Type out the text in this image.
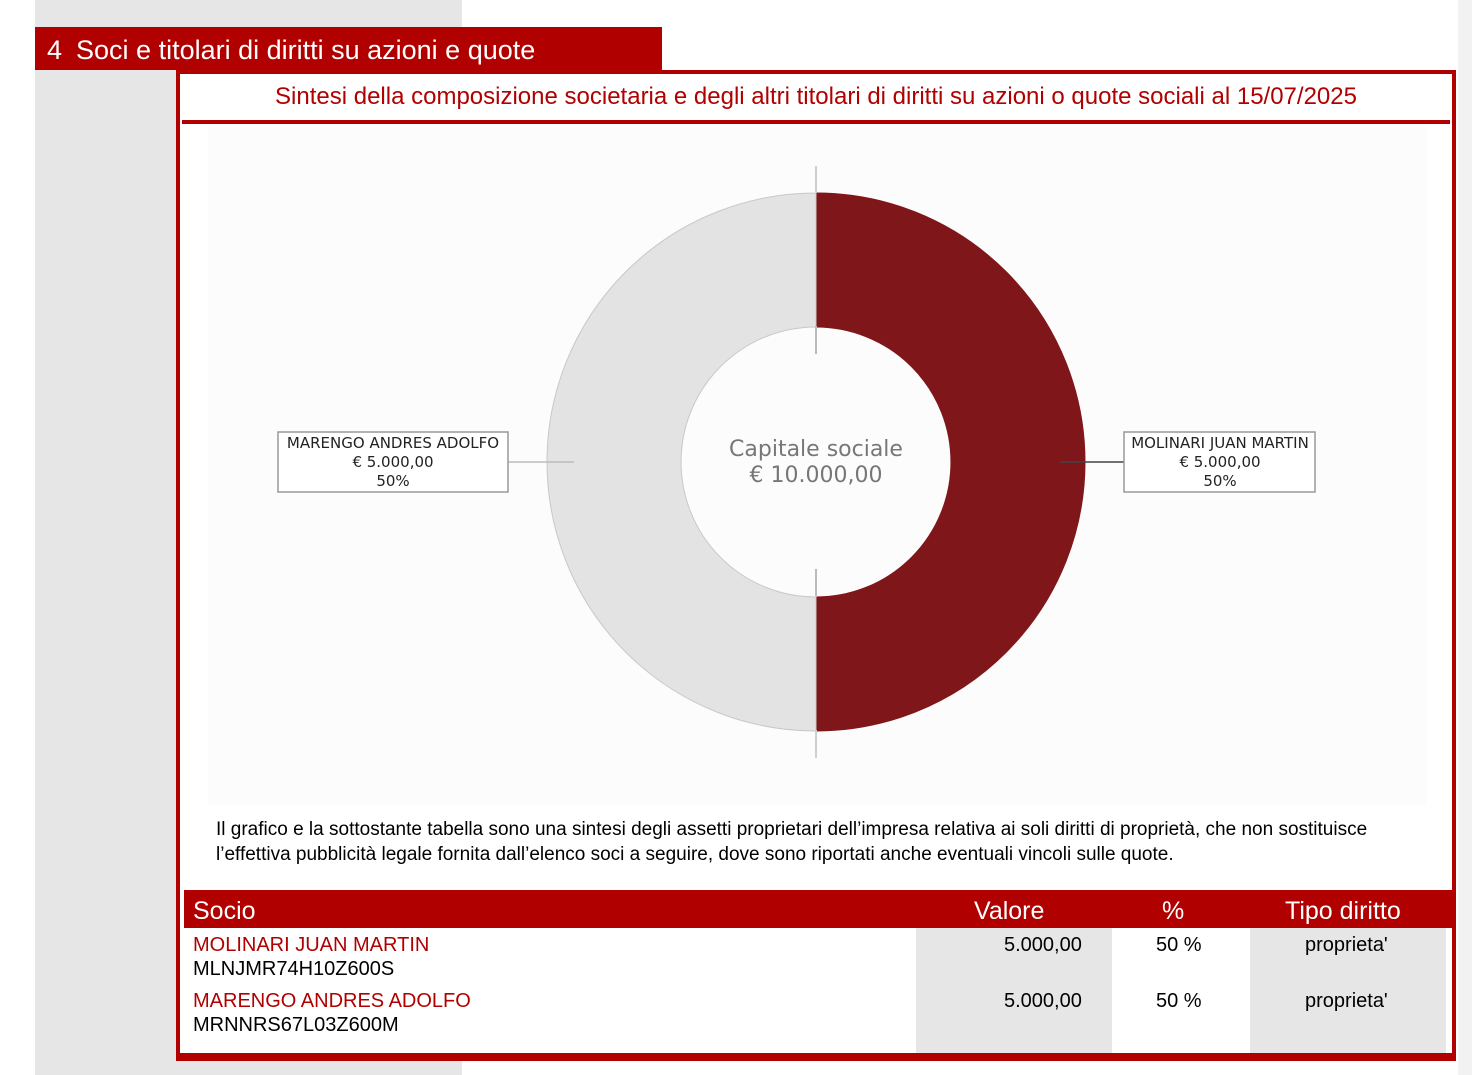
4 Soci e titolari di diritti su azioni e quote
Sintesi della composizione societaria e degli altri titolari di diritti su azioni o quote sociali al 15/07/2025
Capitale sociale
€ 10.000,00
MOLINARI JUAN MARTIN
€ 5.000,00
50%
MARENGO ANDRES ADOLFO
€ 5.000,00
50%
Il grafico e la sottostante tabella sono una sintesi degli assetti proprietari dell’impresa relativa ai soli diritti di proprietà, che non sostituisce l’effettiva pubblicità legale fornita dall’elenco soci a seguire, dove sono riportati anche eventuali vincoli sulle quote.
Socio	Valore	%	Tipo diritto
MOLINARI JUAN MARTIN
MLNJMR74H10Z600S
5.000,00	50 %	proprieta'
MARENGO ANDRES ADOLFO
MRNNRS67L03Z600M
5.000,00	50 %	proprieta'
